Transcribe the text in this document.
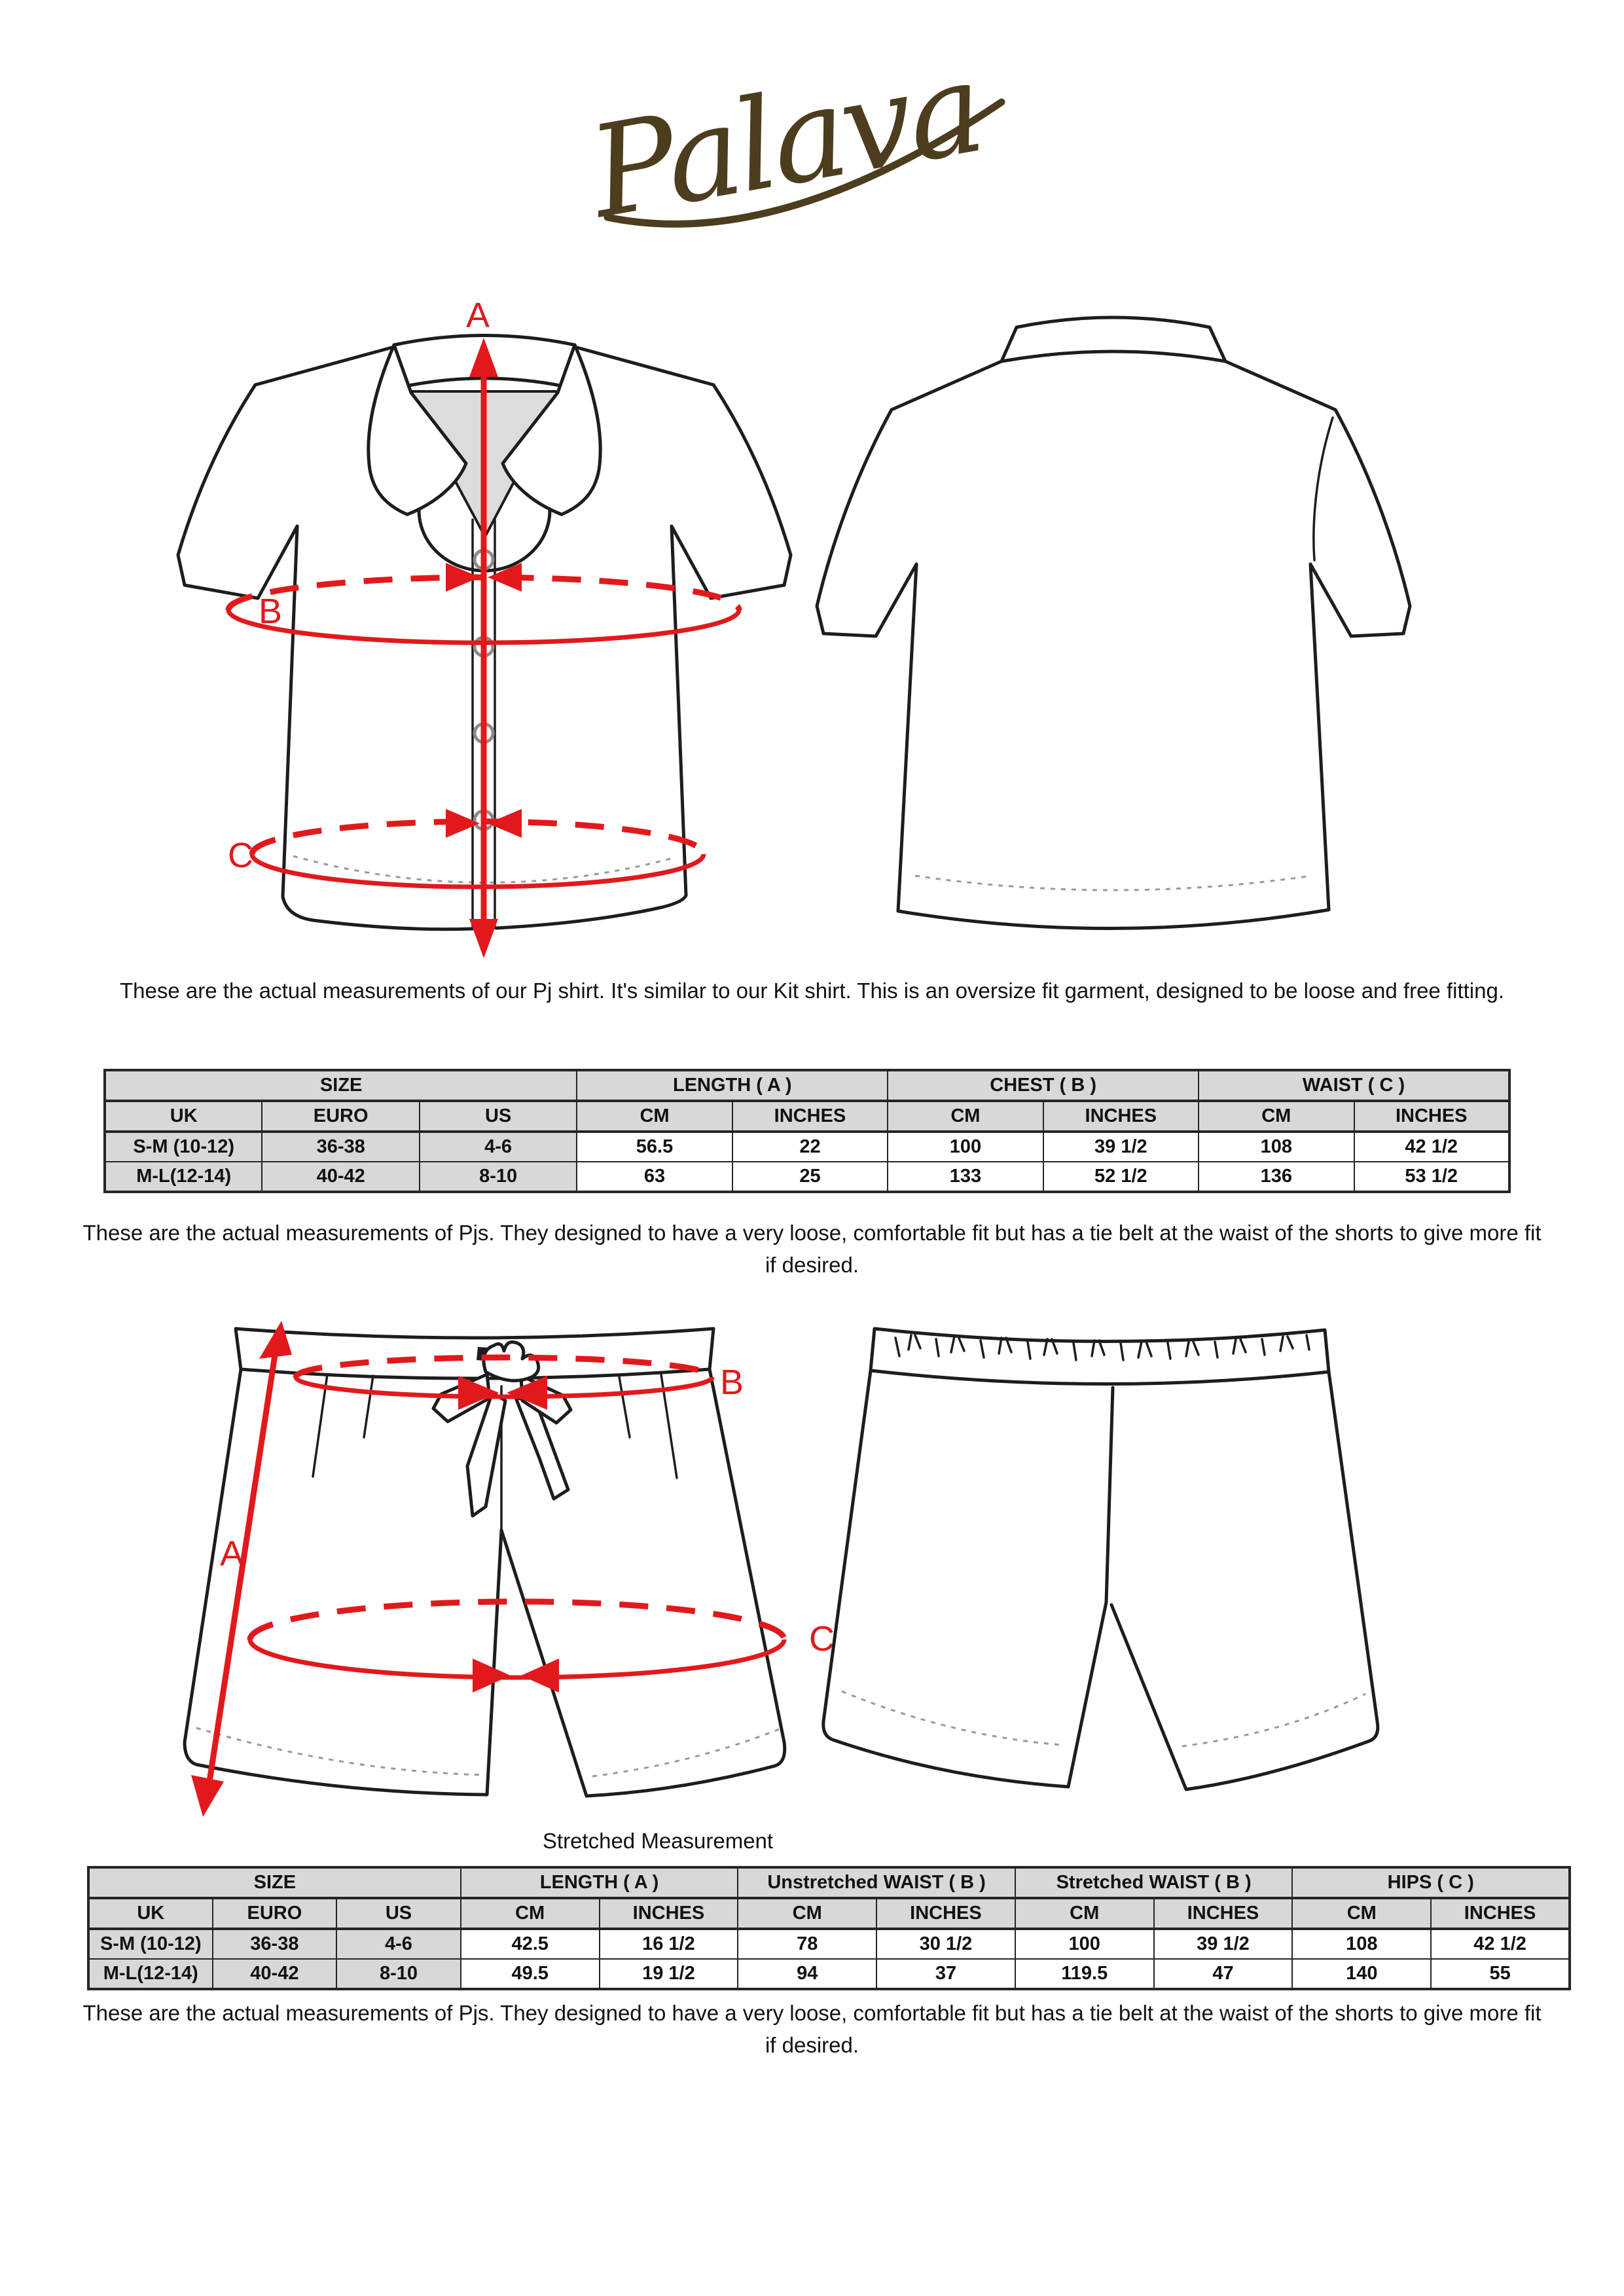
Palava
A
B
C
These are the actual measurements of our Pj shirt. It's similar to our Kit shirt. This is an oversize fit garment, designed to be loose and free fitting.
SIZE			LENGTH ( A )		CHEST ( B )		WAIST ( C )	
UK	EURO	US	CM	INCHES	CM	INCHES	CM	INCHES
S-M (10-12)	36-38	4-6	56.5	22	100	39 1/2	108	42 1/2
M-L(12-14)	40-42	8-10	63	25	133	52 1/2	136	53 1/2
These are the actual measurements of Pjs. They designed to have a very loose, comfortable fit but has a tie belt at the waist of the shorts to give more fit if desired.
A
B
C
Stretched Measurement
SIZE			LENGTH ( A )		Unstretched WAIST ( B )		Stretched WAIST ( B )		HIPS ( C )	
UK	EURO	US	CM	INCHES	CM	INCHES	CM	INCHES	CM	INCHES
S-M (10-12)	36-38	4-6	42.5	16 1/2	78	30 1/2	100	39 1/2	108	42 1/2
M-L(12-14)	40-42	8-10	49.5	19 1/2	94	37	119.5	47	140	55
These are the actual measurements of Pjs. They designed to have a very loose, comfortable fit but has a tie belt at the waist of the shorts to give more fit if desired.
